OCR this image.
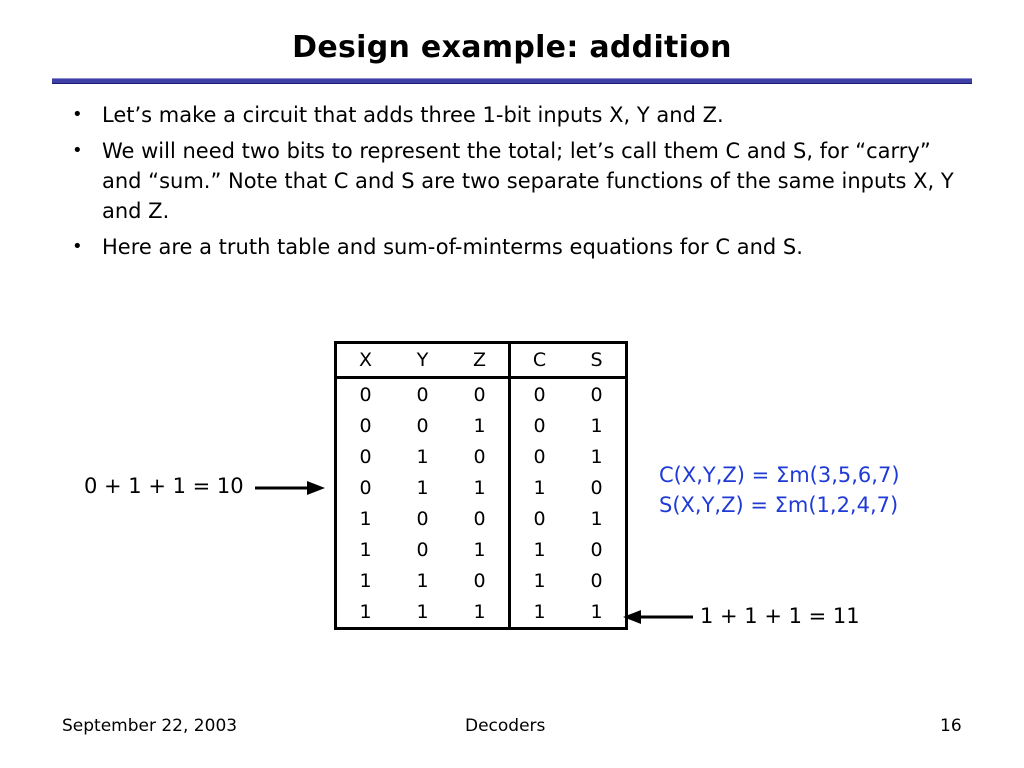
Design example: addition
• Let’s make a circuit that adds three 1-bit inputs X, Y and Z.
• We will need two bits to represent the total; let’s call them C and S, for “carry” and “sum.” Note that C and S are two separate functions of the same inputs X, Y and Z.
• Here are a truth table and sum-of-minterms equations for C and S.
X	Y	Z	C	S
0	0	0	0	0
0	0	1	0	1
0	1	0	0	1
0	1	1	1	0
1	0	0	0	1
1	0	1	1	0
1	1	0	1	0
1	1	1	1	1
0 + 1 + 1 = 10
1 + 1 + 1 = 11
C(X,Y,Z) = Σm(3,5,6,7)
S(X,Y,Z) = Σm(1,2,4,7)
September 22, 2003	Decoders	16
